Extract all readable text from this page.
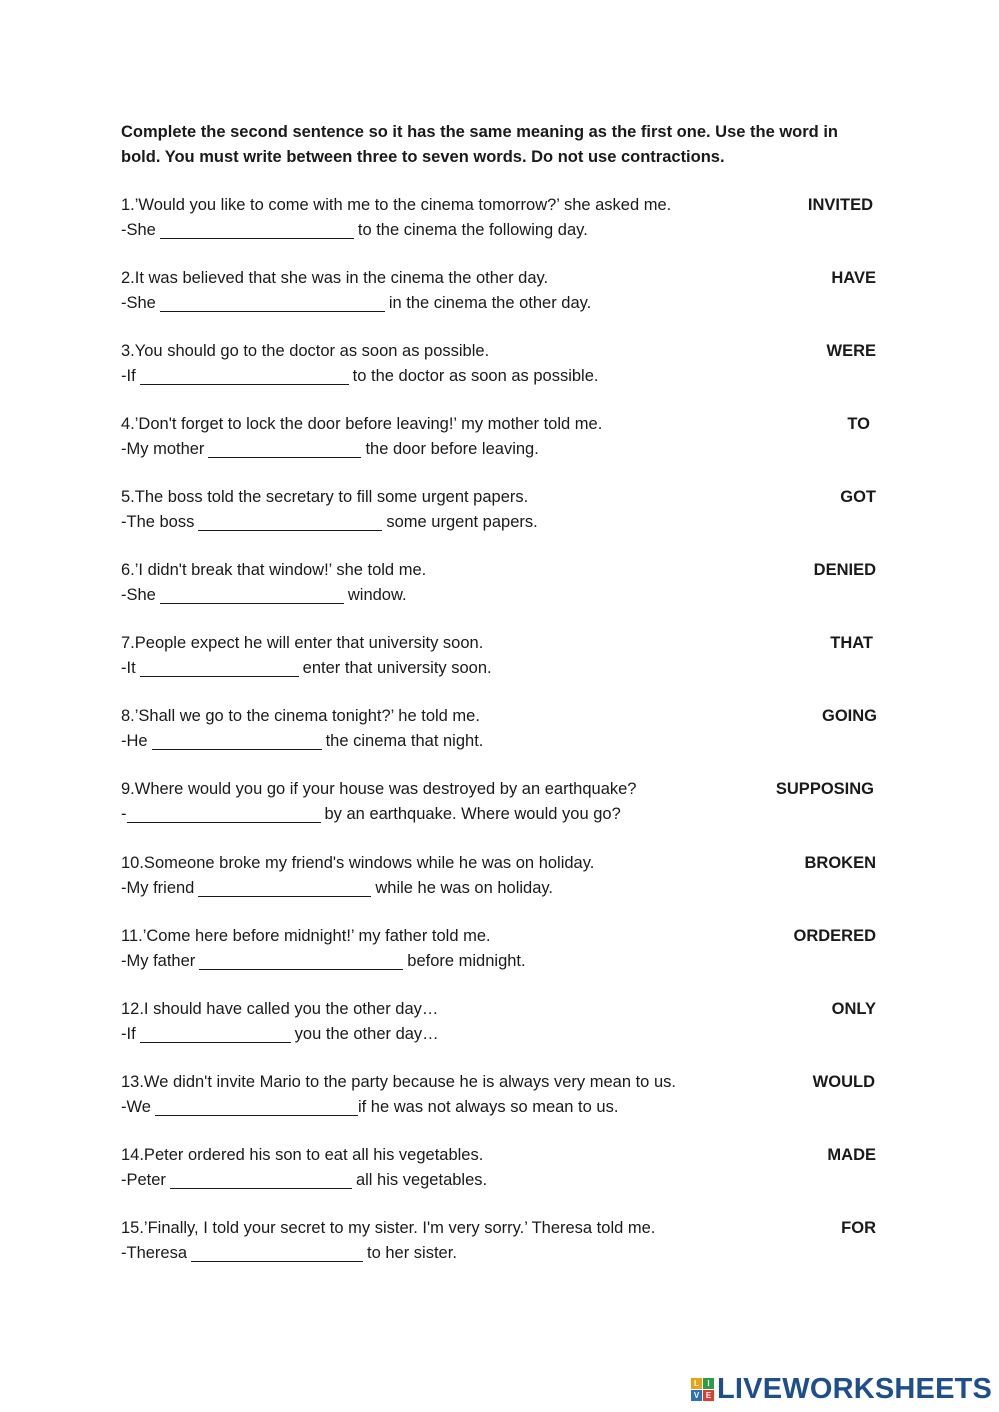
Complete the second sentence so it has the same meaning as the first one. Use the word in bold. You must write between three to seven words. Do not use contractions.

1.’Would you like to come with me to the cinema tomorrow?’ she asked me.
-She	to the cinema the following day.
INVITED
2.It was believed that she was in the cinema the other day.
-She	in the cinema the other day.
HAVE
3.You should go to the doctor as soon as possible.
-If	to the doctor as soon as possible.
WERE
4.’Don't forget to lock the door before leaving!’ my mother told me.
-My mother	the door before leaving.
TO
5.The boss told the secretary to fill some urgent papers.
-The boss	some urgent papers.
GOT
6.’I didn't break that window!’ she told me.
-She	window.
DENIED
7.People expect he will enter that university soon.
-It	enter that university soon.
THAT
8.’Shall we go to the cinema tonight?’ he told me.
-He	the cinema that night.
GOING
9.Where would you go if your house was destroyed by an earthquake?
-	by an earthquake. Where would you go?
SUPPOSING
10.Someone broke my friend's windows while he was on holiday.
-My friend	while he was on holiday.
BROKEN
11.’Come here before midnight!’ my father told me.
-My father	before midnight.
ORDERED
12.I should have called you the other day…
-If	you the other day…
ONLY
13.We didn't invite Mario to the party because he is always very mean to us.
-We	if he was not always so mean to us.
WOULD
14.Peter ordered his son to eat all his vegetables.
-Peter	all his vegetables.
MADE
15.’Finally, I told your secret to my sister. I'm very sorry.’ Theresa told me.
-Theresa	to her sister.
FOR
L	I
V E LIVEWORKSHEETS
